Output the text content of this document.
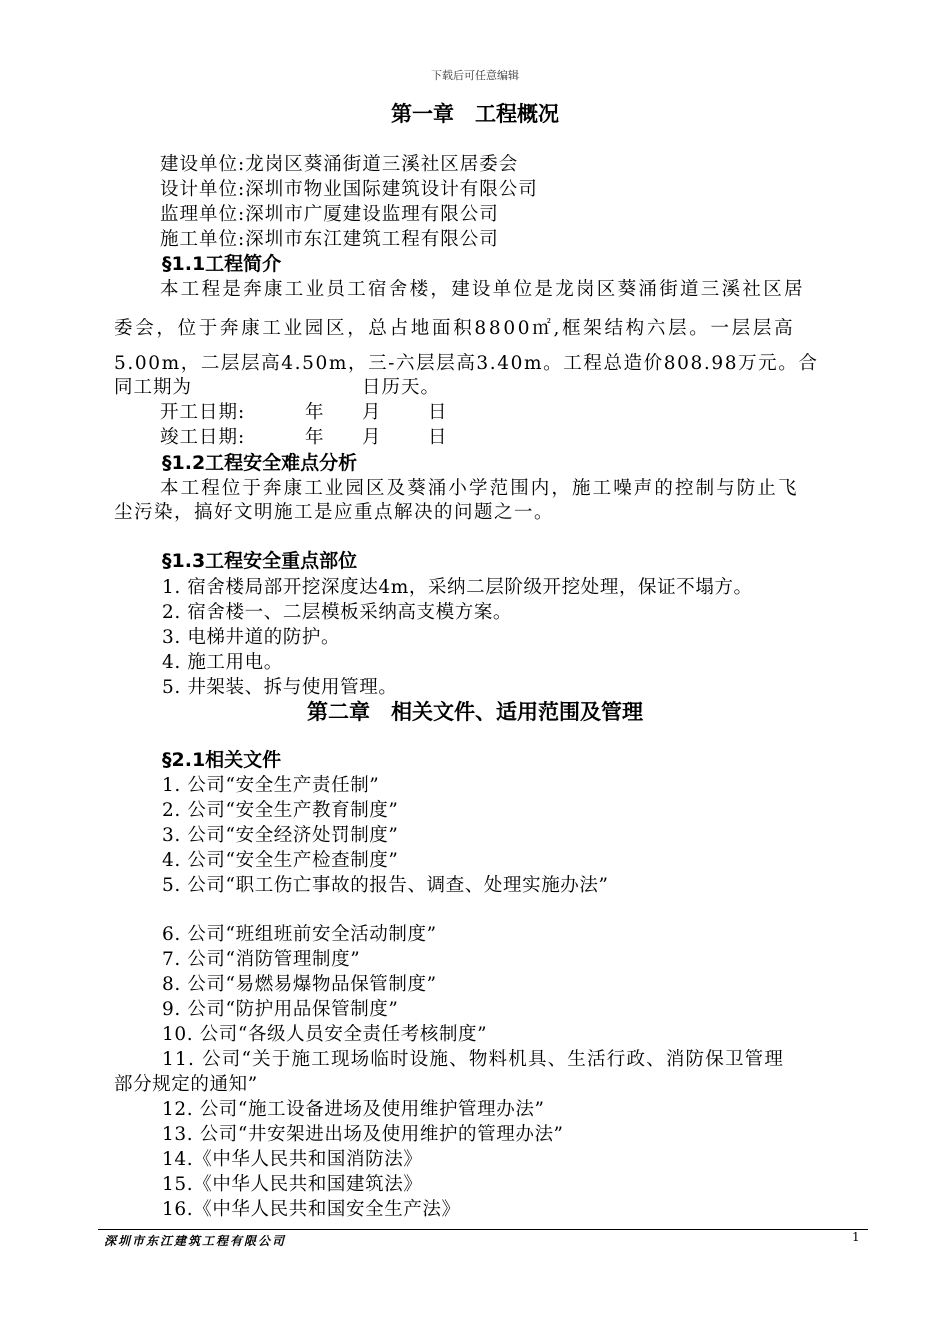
下载后可任意编辑
第一章　工程概况
建设单位:龙岗区葵涌街道三溪社区居委会
设计单位:深圳市物业国际建筑设计有限公司
监理单位:深圳市广厦建设监理有限公司
施工单位:深圳市东江建筑工程有限公司
§1.1工程简介
本工程是奔康工业员工宿舍楼，建设单位是龙岗区葵涌街道三溪社区居
委会，位于奔康工业园区，总占地面积8800㎡,框架结构六层。一层层高
5.00m，二层层高4.50m，三-六层层高3.40m。工程总造价808.98万元。合
同工期为	日历天。
开工日期:	年 月	日
竣工日期:	年 月	日
§1.2工程安全难点分析
本工程位于奔康工业园区及葵涌小学范围内，施工噪声的控制与防止飞
尘污染，搞好文明施工是应重点解决的问题之一。
§1.3工程安全重点部位
1. 宿舍楼局部开挖深度达4m，采纳二层阶级开挖处理，保证不塌方。
2. 宿舍楼一、二层模板采纳高支模方案。
3. 电梯井道的防护。
4. 施工用电。
5. 井架装、拆与使用管理。
第二章　相关文件、适用范围及管理
§2.1相关文件
1. 公司“安全生产责任制”
2. 公司“安全生产教育制度”
3. 公司“安全经济处罚制度”
4. 公司“安全生产检查制度”
5. 公司“职工伤亡事故的报告、调查、处理实施办法”
6. 公司“班组班前安全活动制度”
7. 公司“消防管理制度”
8. 公司“易燃易爆物品保管制度”
9. 公司“防护用品保管制度”
10. 公司“各级人员安全责任考核制度”
11. 公司“关于施工现场临时设施、物料机具、生活行政、消防保卫管理
部分规定的通知”
12. 公司“施工设备进场及使用维护管理办法”
13. 公司“井安架进出场及使用维护的管理办法”
14.《中华人民共和国消防法》
15.《中华人民共和国建筑法》
16.《中华人民共和国安全生产法》
深圳市东江建筑工程有限公司	1
